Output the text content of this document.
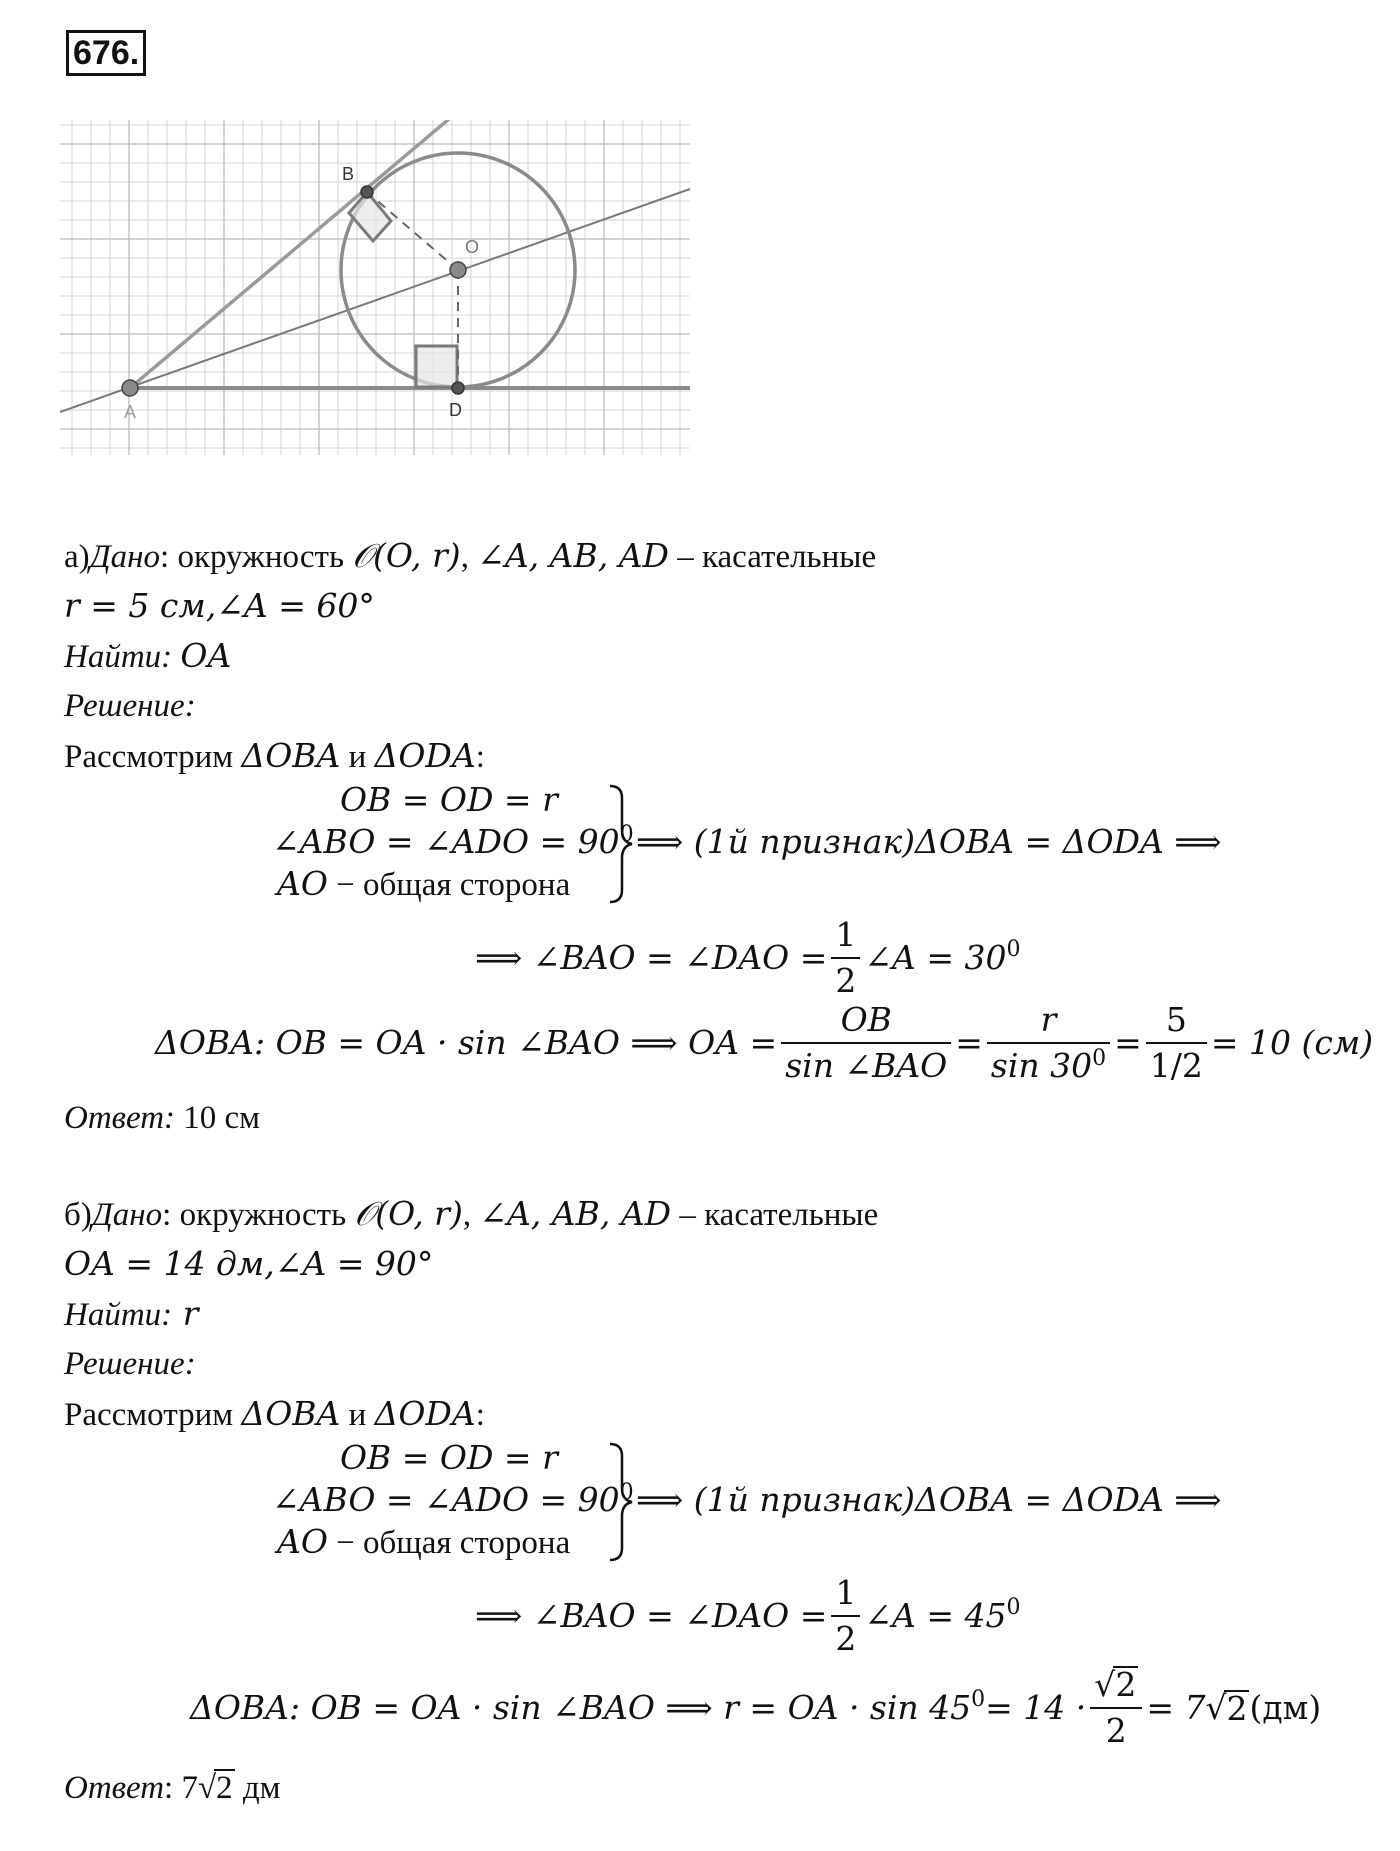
676.
A
B
O
D
а)Дано: окружность 𝒪(O, r), ∠A, AB, AD – касательные
r = 5 см,∠A = 60°
Найти: OA
Решение:
Рассмотрим ΔOBA и ΔODA:
OB = OD = r
∠ABO = ∠ADO = $90^0$
AO − общая сторона
⟹ (1й признак)ΔOBA = ΔODA ⟹
⟹ ∠BAO = ∠DAO = $\frac{1}{2}$ ∠A = 30 0
ΔOBA: OB = OA · sin ∠BAO ⟹ OA = $\frac{OB}{\text{sin ∠BAO}} = \frac{r}{\sin 30^0} = \frac{5}{1/2} = 10$ (см)
Ответ: 10 см
б)Дано: окружность 𝒪(O, r), ∠A, AB, AD – касательные
OA = 14 дм,∠A = 90°
Найти: r
Решение:
Рассмотрим ΔOBA и ΔODA:
OB = OD = r
∠ABO = ∠ADO = $90^0$
AO − общая сторона
⟹ (1й признак)ΔOBA = ΔODA ⟹
⟹ ∠BAO = ∠DAO = $\frac{1}{2}$ ∠A = 45 0
ΔOBA: OB = OA · sin ∠BAO ⟹ r = OA · sin 45 $0 = 14 \cdot \frac{√2}{2} = 7$ √ 2 (дм)
Ответ: 7√2 дм
